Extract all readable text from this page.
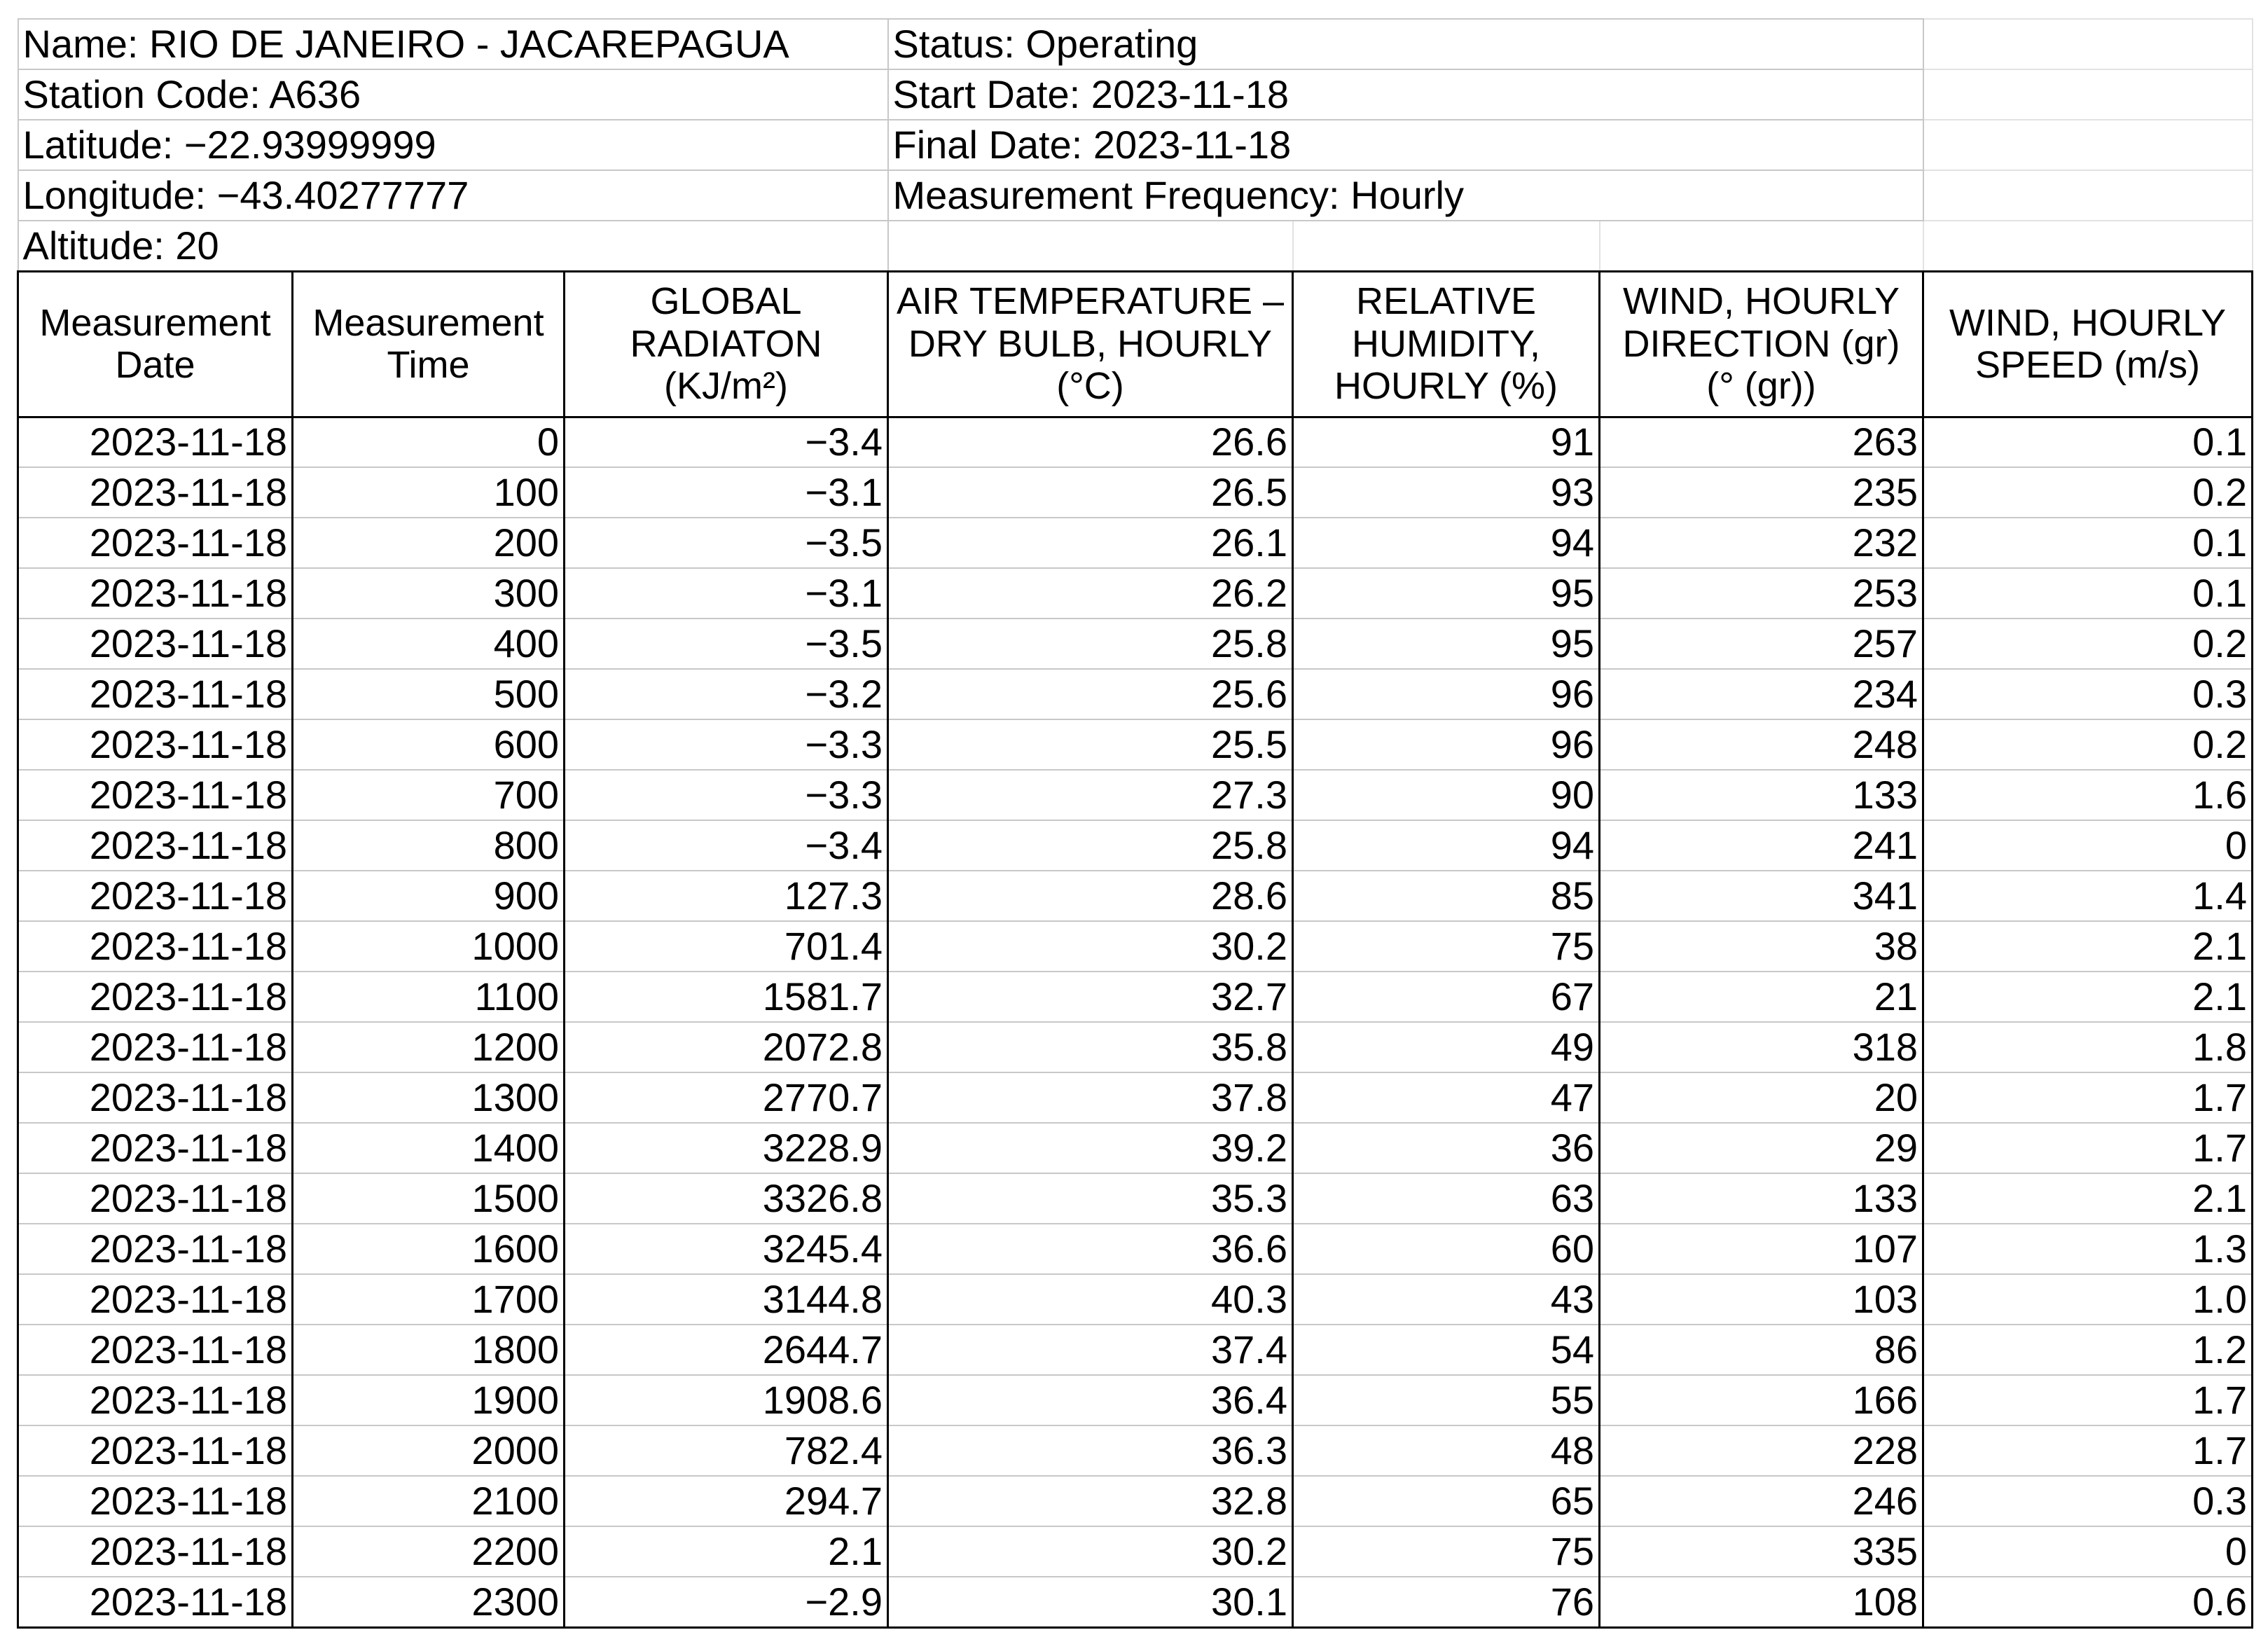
Name: RIO DE JANEIRO - JACAREPAGUA			Status: Operating			
Station Code: A636			Start Date: 2023-11-18			
Latitude: −22.93999999			Final Date: 2023-11-18			
Longitude: −43.40277777			Measurement Frequency: Hourly			
Altitude: 20						
Measurement Date	Measurement Time	GLOBAL RADIATON (KJ/m²)	AIR TEMPERATURE – DRY BULB, HOURLY (°C)	RELATIVE HUMIDITY, HOURLY (%)	WIND, HOURLY DIRECTION (gr) (° (gr))	WIND, HOURLY SPEED (m/s)
2023-11-18	0	−3.4	26.6	91	263	0.1
2023-11-18	100	−3.1	26.5	93	235	0.2
2023-11-18	200	−3.5	26.1	94	232	0.1
2023-11-18	300	−3.1	26.2	95	253	0.1
2023-11-18	400	−3.5	25.8	95	257	0.2
2023-11-18	500	−3.2	25.6	96	234	0.3
2023-11-18	600	−3.3	25.5	96	248	0.2
2023-11-18	700	−3.3	27.3	90	133	1.6
2023-11-18	800	−3.4	25.8	94	241	0
2023-11-18	900	127.3	28.6	85	341	1.4
2023-11-18	1000	701.4	30.2	75	38	2.1
2023-11-18	1100	1581.7	32.7	67	21	2.1
2023-11-18	1200	2072.8	35.8	49	318	1.8
2023-11-18	1300	2770.7	37.8	47	20	1.7
2023-11-18	1400	3228.9	39.2	36	29	1.7
2023-11-18	1500	3326.8	35.3	63	133	2.1
2023-11-18	1600	3245.4	36.6	60	107	1.3
2023-11-18	1700	3144.8	40.3	43	103	1.0
2023-11-18	1800	2644.7	37.4	54	86	1.2
2023-11-18	1900	1908.6	36.4	55	166	1.7
2023-11-18	2000	782.4	36.3	48	228	1.7
2023-11-18	2100	294.7	32.8	65	246	0.3
2023-11-18	2200	2.1	30.2	75	335	0
2023-11-18	2300	−2.9	30.1	76	108	0.6
